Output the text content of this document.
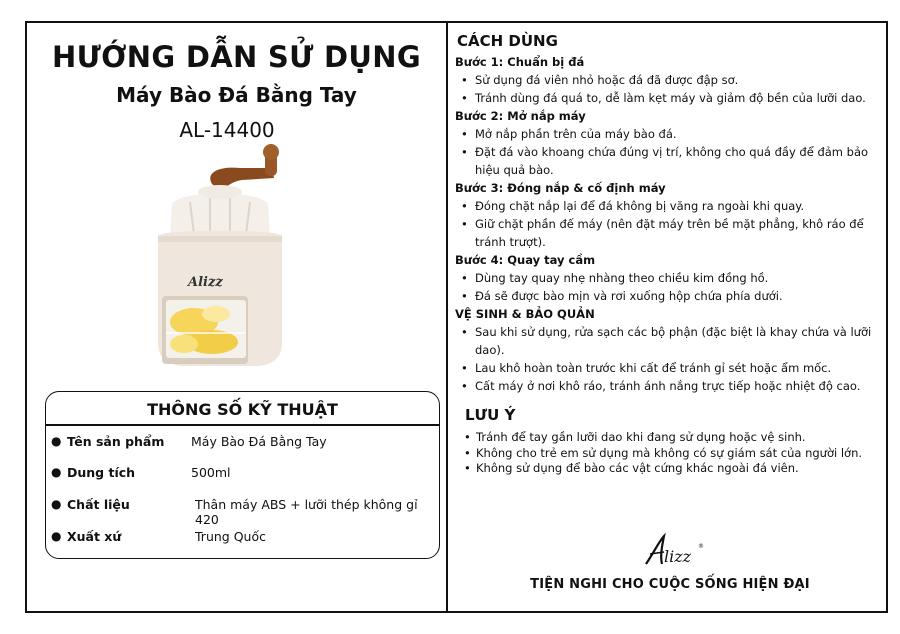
HƯỚNG DẪN SỬ DỤNG
Máy Bào Đá Bằng Tay
AL-14400
Alizz
THÔNG SỐ KỸ THUẬT
● Tên sản phẩm Máy Bào Đá Bằng Tay
● Dung tích	500ml
● Chất liệu	Thân máy ABS + lưỡi thép không gỉ 420
● Xuất xứ	Trung Quốc
CÁCH DÙNG
Bước 1: Chuẩn bị đá
• Sử dụng đá viên nhỏ hoặc đá đã được đập sơ.
• Tránh dùng đá quá to, dễ làm kẹt máy và giảm độ bền của lưỡi dao.
Bước 2: Mở nắp máy
• Mở nắp phần trên của máy bào đá.
• Đặt đá vào khoang chứa đúng vị trí, không cho quá đầy để đảm bảo hiệu quả bào.
Bước 3: Đóng nắp & cố định máy
• Đóng chặt nắp lại để đá không bị văng ra ngoài khi quay.
• Giữ chặt phần đế máy (nên đặt máy trên bề mặt phẳng, khô ráo để tránh trượt).
Bước 4: Quay tay cầm
• Dùng tay quay nhẹ nhàng theo chiều kim đồng hồ.
• Đá sẽ được bào mịn và rơi xuống hộp chứa phía dưới.
VỆ SINH & BẢO QUẢN
• Sau khi sử dụng, rửa sạch các bộ phận (đặc biệt là khay chứa và lưỡi dao).
• Lau khô hoàn toàn trước khi cất để tránh gỉ sét hoặc ẩm mốc.
• Cất máy ở nơi khô ráo, tránh ánh nắng trực tiếp hoặc nhiệt độ cao.
LƯU Ý
• Tránh để tay gần lưỡi dao khi đang sử dụng hoặc vệ sinh.
• Không cho trẻ em sử dụng mà không có sự giám sát của người lớn.
• Không sử dụng để bào các vật cứng khác ngoài đá viên.
lizz
®
TIỆN NGHI CHO CUỘC SỐNG HIỆN ĐẠI
